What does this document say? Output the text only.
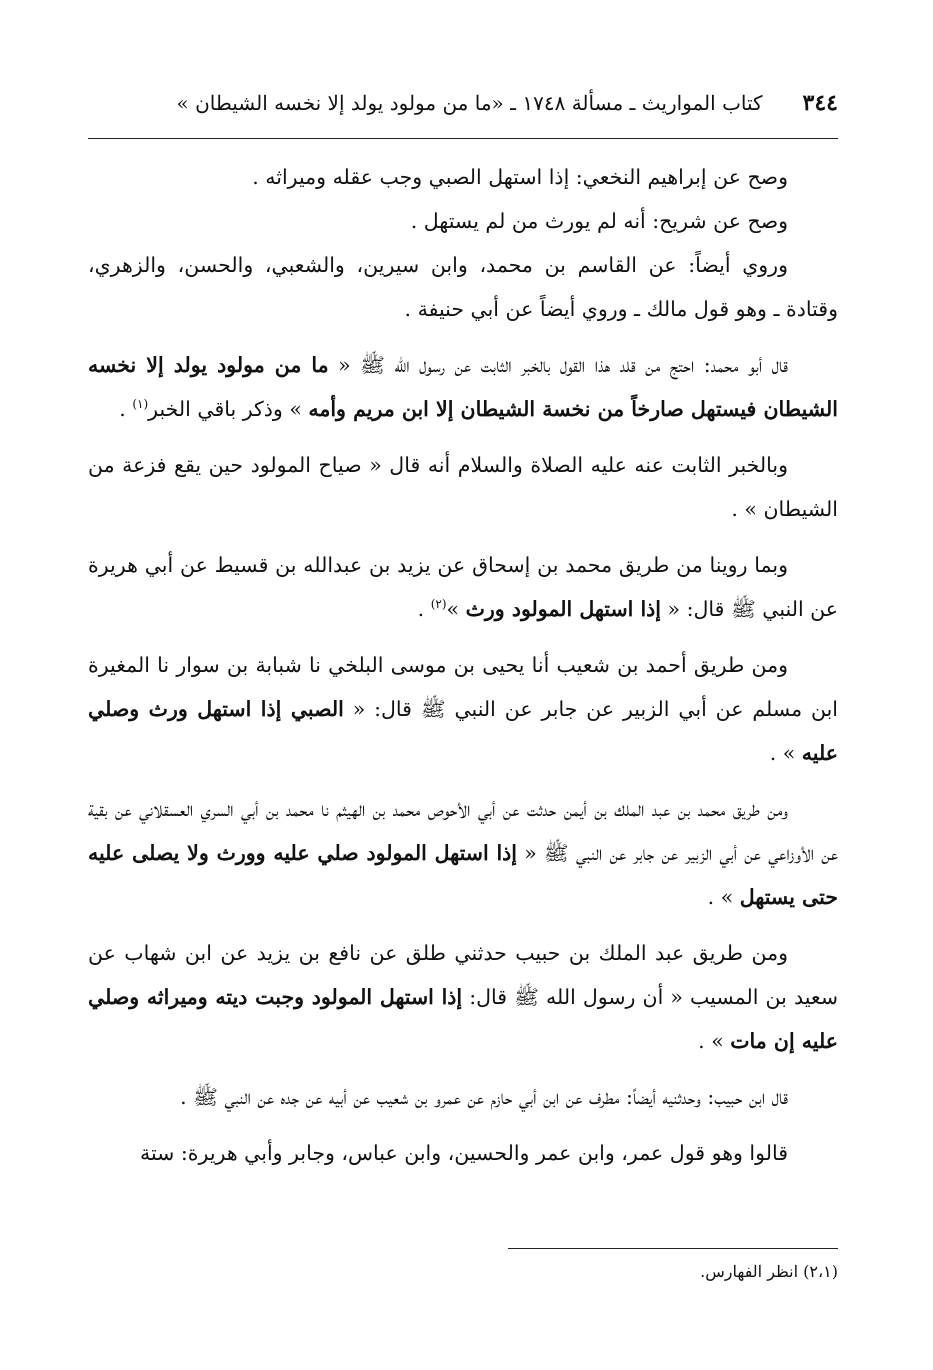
٣٤٤
كتاب المواريث ـ مسألة ١٧٤٨ ـ «ما من مولود يولد إلا نخسه الشيطان »

وصح عن إبراهيم النخعي: إذا استهل الصبي وجب عقله وميراثه .

وصح عن شريح: أنه لم يورث من لم يستهل .

وروي أيضاً: عن القاسم بن محمد، وابن سيرين، والشعبي، والحسن، والزهري، وقتادة ـ وهو قول مالك ـ وروي أيضاً عن أبي حنيفة .

قال أبو محمد: احتج من قلد هذا القول بالخبر الثابت عن رسول الله ﷺ « ما من مولود يولد إلا نخسه الشيطان فيستهل صارخاً من نخسة الشيطان إلا ابن مريم وأمه » وذكر باقي الخبر$^{(١)}$ .

وبالخبر الثابت عنه عليه الصلاة والسلام أنه قال « صياح المولود حين يقع فزعة من الشيطان » .

وبما روينا من طريق محمد بن إسحاق عن يزيد بن عبدالله بن قسيط عن أبي هريرة عن النبي ﷺ قال: « إذا استهل المولود ورث »$^{(٢)}$ .

ومن طريق أحمد بن شعيب أنا يحيى بن موسى البلخي نا شبابة بن سوار نا المغيرة ابن مسلم عن أبي الزبير عن جابر عن النبي ﷺ قال: « الصبي إذا استهل ورث وصلي عليه » .

ومن طريق محمد بن عبد الملك بن أيمن حدثت عن أبي الأحوص محمد بن الهيثم نا محمد بن أبي السري العسقلاني عن بقية عن الأوزاعي عن أبي الزبير عن جابر عن النبي ﷺ « إذا استهل المولود صلي عليه وورث ولا يصلى عليه حتى يستهل » .

ومن طريق عبد الملك بن حبيب حدثني طلق عن نافع بن يزيد عن ابن شهاب عن سعيد بن المسيب « أن رسول الله ﷺ قال: إذا استهل المولود وجبت ديته وميراثه وصلي عليه إن مات » .

قال ابن حبيب: وحدثنيه أيضاً: مطرف عن ابن أبي حازم عن عمرو بن شعيب عن أبيه عن جده عن النبي ﷺ .

قالوا وهو قول عمر، وابن عمر والحسين، وابن عباس، وجابر وأبي هريرة: ستة

(٢،١) انظر الفهارس.
